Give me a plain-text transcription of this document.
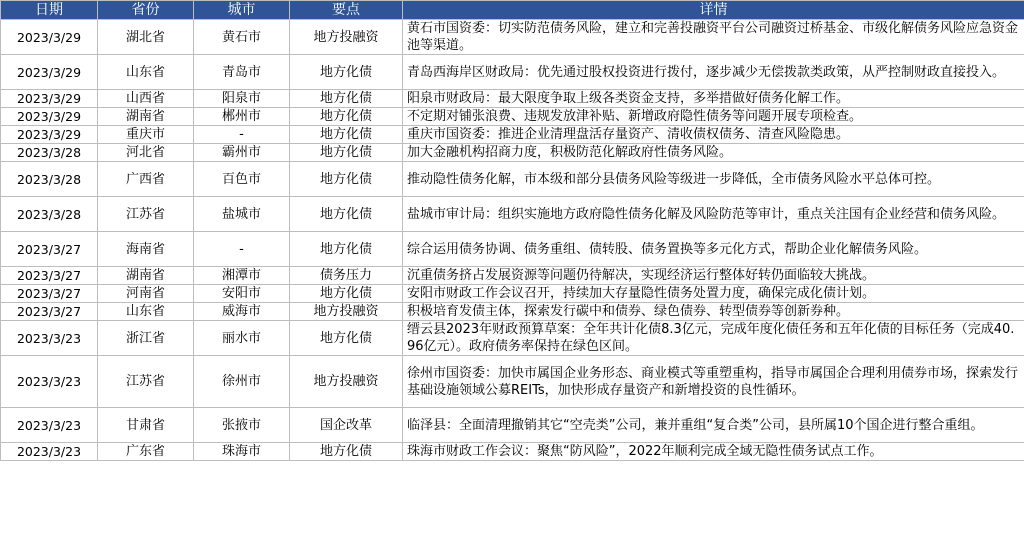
日期	省份	城市	要点	详情
2023/3/29	湖北省	黄石市	地方投融资	黄石市国资委：切实防范债务风险，建立和完善投融资平台公司融资过桥基金、市级化解债务风险应急资金池等渠道。
2023/3/29	山东省	青岛市	地方化债	青岛西海岸区财政局：优先通过股权投资进行拨付，逐步减少无偿拨款类政策，从严控制财政直接投入。
2023/3/29	山西省	阳泉市	地方化债	阳泉市财政局：最大限度争取上级各类资金支持，多举措做好债务化解工作。
2023/3/29	湖南省	郴州市	地方化债	不定期对铺张浪费、违规发放津补贴、新增政府隐性债务等问题开展专项检查。
2023/3/29	重庆市	-	地方化债	重庆市国资委：推进企业清理盘活存量资产、清收债权债务、清查风险隐患。
2023/3/28	河北省	霸州市	地方化债	加大金融机构招商力度，积极防范化解政府性债务风险。
2023/3/28	广西省	百色市	地方化债	推动隐性债务化解，市本级和部分县债务风险等级进一步降低，全市债务风险水平总体可控。
2023/3/28	江苏省	盐城市	地方化债	盐城市审计局：组织实施地方政府隐性债务化解及风险防范等审计，重点关注国有企业经营和债务风险。
2023/3/27	海南省	-	地方化债	综合运用债务协调、债务重组、债转股、债务置换等多元化方式，帮助企业化解债务风险。
2023/3/27	湖南省	湘潭市	债务压力	沉重债务挤占发展资源等问题仍待解决，实现经济运行整体好转仍面临较大挑战。
2023/3/27	河南省	安阳市	地方化债	安阳市财政工作会议召开，持续加大存量隐性债务处置力度，确保完成化债计划。
2023/3/27	山东省	威海市	地方投融资	积极培育发债主体，探索发行碳中和债券、绿色债券、转型债券等创新券种。
2023/3/23	浙江省	丽水市	地方化债	缙云县2023年财政预算草案：全年共计化债8.3亿元，完成年度化债任务和五年化债的目标任务（完成40.96亿元）。政府债务率保持在绿色区间。
2023/3/23	江苏省	徐州市	地方投融资	徐州市国资委：加快市属国企业务形态、商业模式等重塑重构，指导市属国企合理利用债券市场，探索发行基础设施领域公募REITs，加快形成存量资产和新增投资的良性循环。
2023/3/23	甘肃省	张掖市	国企改革	临泽县：全面清理撤销其它“空壳类”公司，兼并重组“复合类”公司，县所属10个国企进行整合重组。
2023/3/23	广东省	珠海市	地方化债	珠海市财政工作会议：聚焦“防风险”，2022年顺利完成全域无隐性债务试点工作。
